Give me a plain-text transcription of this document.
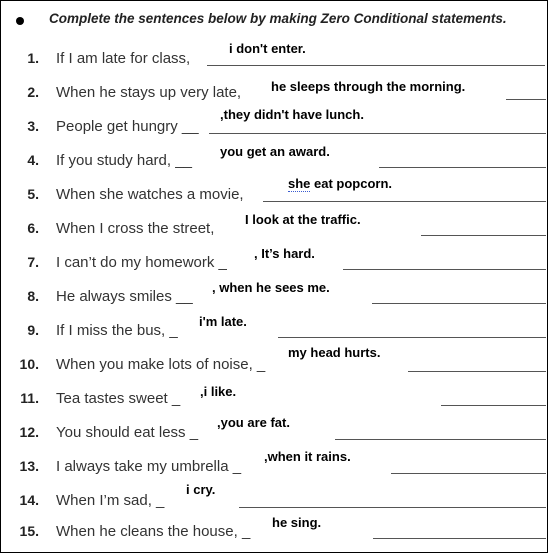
Complete the sentences below by making Zero Conditional statements.
1. If I am late for class,
i don't enter.
2. When he stays up very late, he sleeps through the morning.
3. People get hungry __
,they didn't have lunch.
4. If you study hard, __
you get an award.
5. When she watches a movie,
she eat popcorn.
6. When I cross the street,
I look at the traffic.
7. I can’t do my homework _
, It’s hard.
8. He always smiles __
, when he sees me.
9. If I miss the bus, _
i'm late.
10. When you make lots of noise, _
my head hurts.
11. Tea tastes sweet _ ,i like.
12. You should eat less _
,you are fat.
13. I always take my umbrella _
,when it rains.
14. When I’m sad, _
i cry.
15. When he cleans the house, _
he sing.
